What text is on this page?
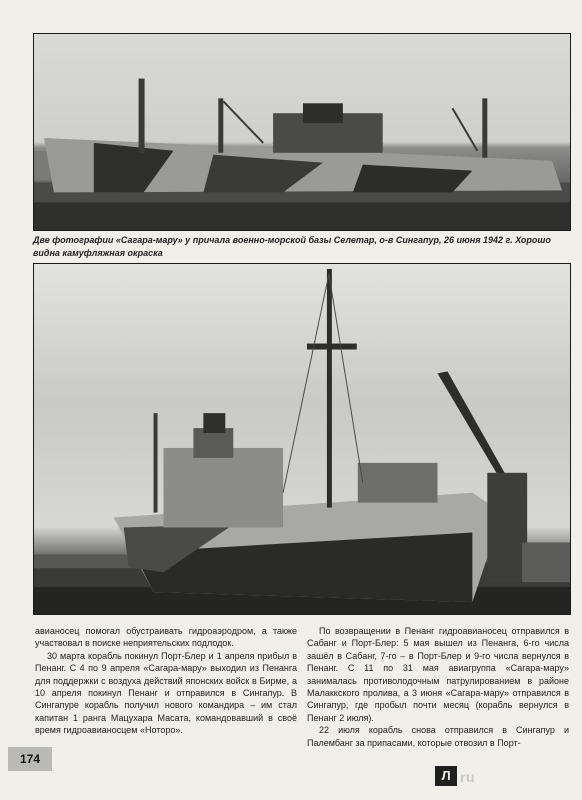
Две фотографии «Сагара-мару» у причала военно-морской базы Селетар, о-в Сингапур, 26 июня 1942 г. Хорошо видна камуфляжная окраска

авианосец помогал обустраивать гидроаэродром, а также участвовал в поиске неприятельских подлодок.

30 марта корабль покинул Порт-Блер и 1 апреля прибыл в Пенанг. С 4 по 9 апреля «Сагара-мару» выходил из Пенанга для поддержки с воздуха действий японских войск в Бирме, а 10 апреля покинул Пенанг и отправился в Сингапур. В Сингапуре корабль получил нового командира – им стал капитан 1 ранга Мацухара Масата, командовавший в своё время гидроавианосцем «Нотoро».

По возвращении в Пенанг гидроавианосец отправился в Сабанг и Порт-Блер: 5 мая вышел из Пенанга, 6-го числа зашёл в Сабанг, 7-го – в Порт-Блер и 9-го числа вернулся в Пенанг. С 11 по 31 мая авиагруппа «Сагара-мару» занималась противолодочным патрулированием в районе Малаккского пролива, а 3 июня «Сагара-мару» отправился в Сингапур, где пробыл почти месяц (корабль вернулся в Пенанг 2 июля).

22 июля корабль снова отправился в Сингапур и Палембанг за припасами, которые отвозил в Порт-

174
Л ru
